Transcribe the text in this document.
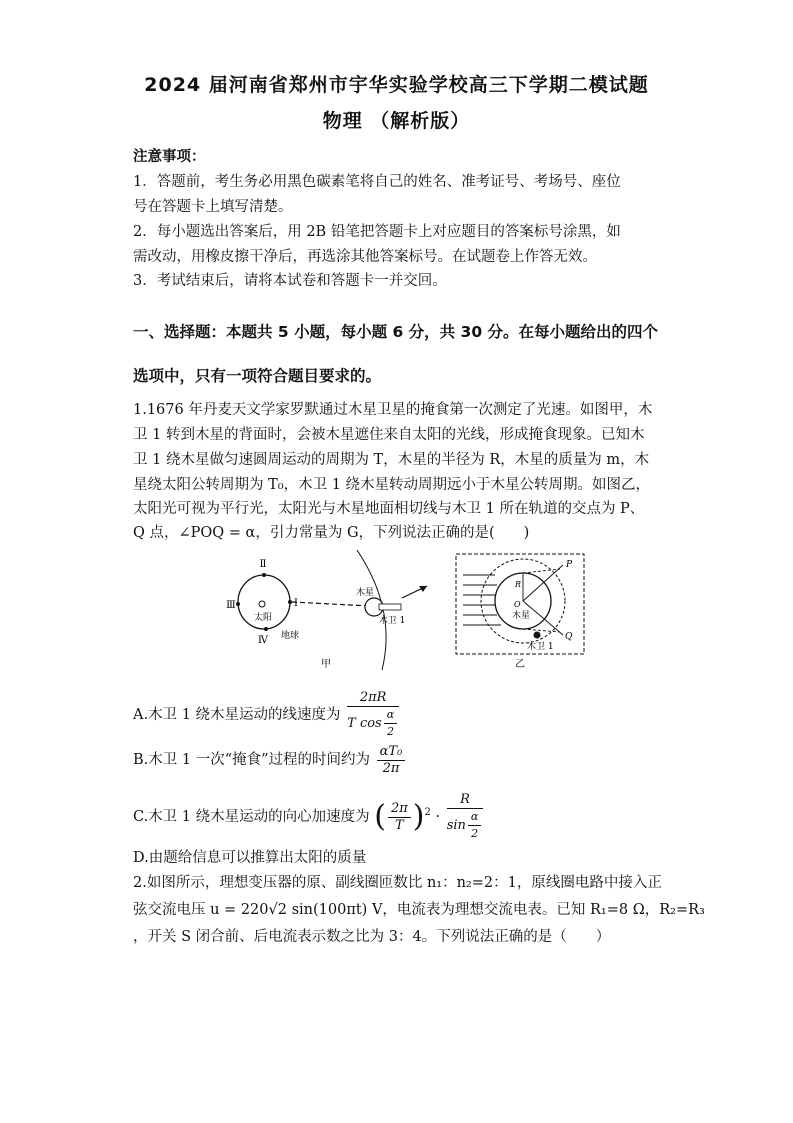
2024 届河南省郑州市宇华实验学校高三下学期二模试题
物理 （解析版）
注意事项：
1．答题前，考生务必用黑色碳素笔将自己的姓名、准考证号、考场号、座位
号在答题卡上填写清楚。
2．每小题选出答案后，用 2B 铅笔把答题卡上对应题目的答案标号涂黑，如
需改动，用橡皮擦干净后，再选涂其他答案标号。在试题卷上作答无效。
3．考试结束后，请将本试卷和答题卡一并交回。
一、选择题：本题共 5 小题，每小题 6 分，共 30 分。在每小题给出的四个
选项中，只有一项符合题目要求的。
1.1676 年丹麦天文学家罗默通过木星卫星的掩食第一次测定了光速。如图甲，木
卫 1 转到木星的背面时，会被木星遮住来自太阳的光线，形成掩食现象。已知木
卫 1 绕木星做匀速圆周运动的周期为 T，木星的半径为 R，木星的质量为 m，木
星绕太阳公转周期为 T₀，木卫 1 绕木星转动周期远小于木星公转周期。如图乙，
太阳光可视为平行光，太阳光与木星地面相切线与木卫 1 所在轨道的交点为 P、
Q 点，∠POQ = α，引力常量为 G，下列说法正确的是(　　)
Ⅱ
Ⅲ	Ⅰ
Ⅳ
太阳
地球
木星
木卫 1
甲
P
R
O
木星
Q
木卫 1
乙
A.木卫 1 绕木星运动的线速度为 $\frac{2\pi R}{T \cos \frac{\alpha}{2}}$
B.木卫 1 一次“掩食”过程的时间约为 $\frac{\text{αT₀}}{2\pi}$
C.木卫 1 绕木星运动的向心加速度为 ( $\frac{2\pi}{T} )^2 \cdot \frac{R}{\sin \frac{\alpha}{2}}$
D.由题给信息可以推算出太阳的质量
2.如图所示，理想变压器的原、副线圈匝数比 n₁：n₂=2：1，原线圈电路中接入正
弦交流电压 u = 220√2 sin(100πt) V，电流表为理想交流电表。已知 R₁=8 Ω，R₂=R₃
，开关 S 闭合前、后电流表示数之比为 3：4。下列说法正确的是（　　）
